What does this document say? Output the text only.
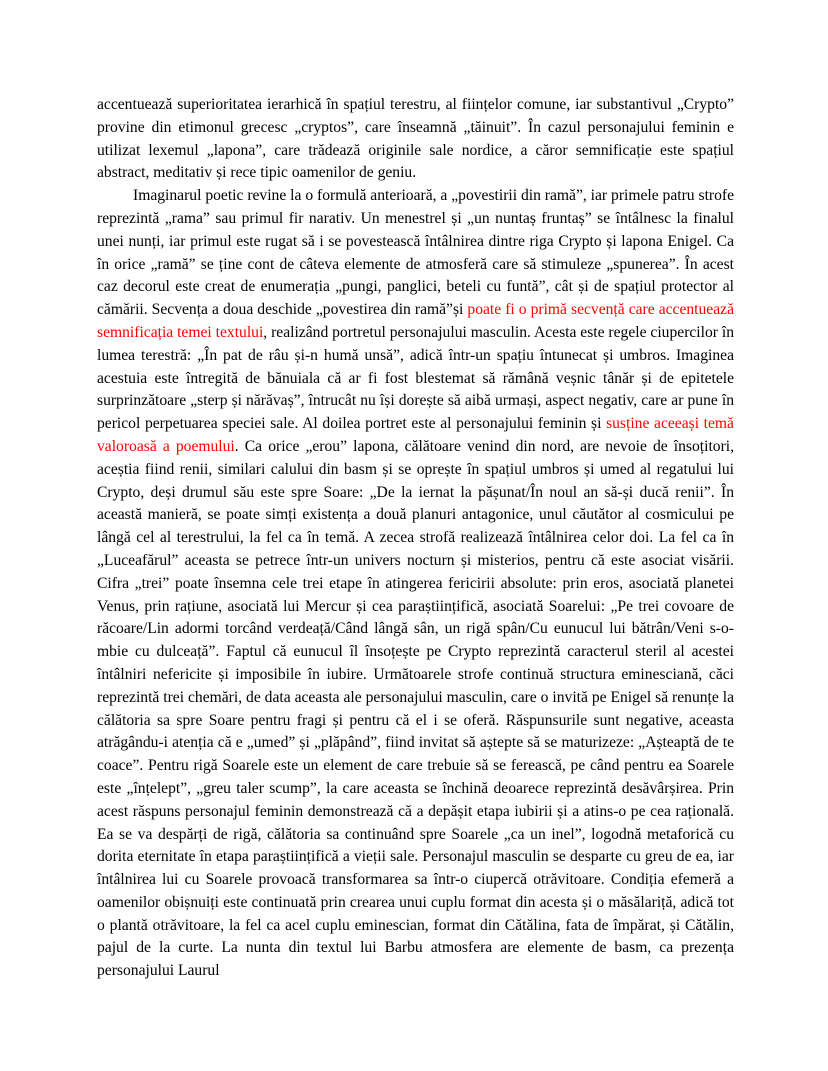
accentuează superioritatea ierarhică în spațiul terestru, al ființelor comune, iar substantivul „Crypto” provine din etimonul grecesc „cryptos”, care înseamnă „tăinuit”. În cazul personajului feminin e utilizat lexemul „lapona”, care trădează originile sale nordice, a căror semnificație este spațiul abstract, meditativ și rece tipic oamenilor de geniu.

Imaginarul poetic revine la o formulă anterioară, a „povestirii din ramă”, iar primele patru strofe reprezintă „rama” sau primul fir narativ. Un menestrel și „un nuntaș fruntaș” se întâlnesc la finalul unei nunți, iar primul este rugat să i se povestească întâlnirea dintre riga Crypto și lapona Enigel. Ca în orice „ramă” se ține cont de câteva elemente de atmosferă care să stimuleze „spunerea”. În acest caz decorul este creat de enumerația „pungi, panglici, beteli cu funtă”, cât și de spațiul protector al cămării. Secvența a doua deschide „povestirea din ramă”și poate fi o primă secvență care accentuează semnificația temei textului, realizând portretul personajului masculin. Acesta este regele ciupercilor în lumea terestră: „În pat de râu și-n humă unsă”, adică într-un spațiu întunecat și umbros. Imaginea acestuia este întregită de bănuiala că ar fi fost blestemat să rămână veșnic tânăr și de epitetele surprinzătoare „sterp și nărăvaș”, întrucât nu își dorește să aibă urmași, aspect negativ, care ar pune în pericol perpetuarea speciei sale. Al doilea portret este al personajului feminin și susține aceeași temă valoroasă a poemului. Ca orice „erou” lapona, călătoare venind din nord, are nevoie de însoțitori, aceștia fiind renii, similari calului din basm și se oprește în spațiul umbros și umed al regatului lui Crypto, deși drumul său este spre Soare: „De la iernat la pășunat/În noul an să-și ducă renii”. În această manieră, se poate simți existența a două planuri antagonice, unul căutător al cosmicului pe lângă cel al terestrului, la fel ca în temă. A zecea strofă realizează întâlnirea celor doi. La fel ca în „Luceafărul” aceasta se petrece într-un univers nocturn și misterios, pentru că este asociat visării. Cifra „trei” poate însemna cele trei etape în atingerea fericirii absolute: prin eros, asociată planetei Venus, prin rațiune, asociată lui Mercur și cea paraștiințifică, asociată Soarelui: „Pe trei covoare de răcoare/Lin adormi torcând verdeață/Când lângă sân, un rigă spân/Cu eunucul lui bătrân/Veni s-o-mbie cu dulceață”. Faptul că eunucul îl însoțește pe Crypto reprezintă caracterul steril al acestei întâlniri nefericite și imposibile în iubire. Următoarele strofe continuă structura eminesciană, căci reprezintă trei chemări, de data aceasta ale personajului masculin, care o invită pe Enigel să renunțe la călătoria sa spre Soare pentru fragi și pentru că el i se oferă. Răspunsurile sunt negative, aceasta atrăgându-i atenția că e „umed” și „plăpând”, fiind invitat să aștepte să se maturizeze: „Așteaptă de te coace”. Pentru rigă Soarele este un element de care trebuie să se ferească, pe când pentru ea Soarele este „înțelept”, „greu taler scump”, la care aceasta se închină deoarece reprezintă desăvârșirea. Prin acest răspuns personajul feminin demonstrează că a depășit etapa iubirii și a atins-o pe cea rațională. Ea se va despărți de rigă, călătoria sa continuând spre Soarele „ca un inel”, logodnă metaforică cu dorita eternitate în etapa paraștiințifică a vieții sale. Personajul masculin se desparte cu greu de ea, iar întâlnirea lui cu Soarele provoacă transformarea sa într-o ciupercă otrăvitoare. Condiția efemeră a oamenilor obișnuiți este continuată prin crearea unui cuplu format din acesta și o măsălariță, adică tot o plantă otrăvitoare, la fel ca acel cuplu eminescian, format din Cătălina, fata de împărat, și Cătălin, pajul de la curte. La nunta din textul lui Barbu atmosfera are elemente de basm, ca prezența personajului Laurul
